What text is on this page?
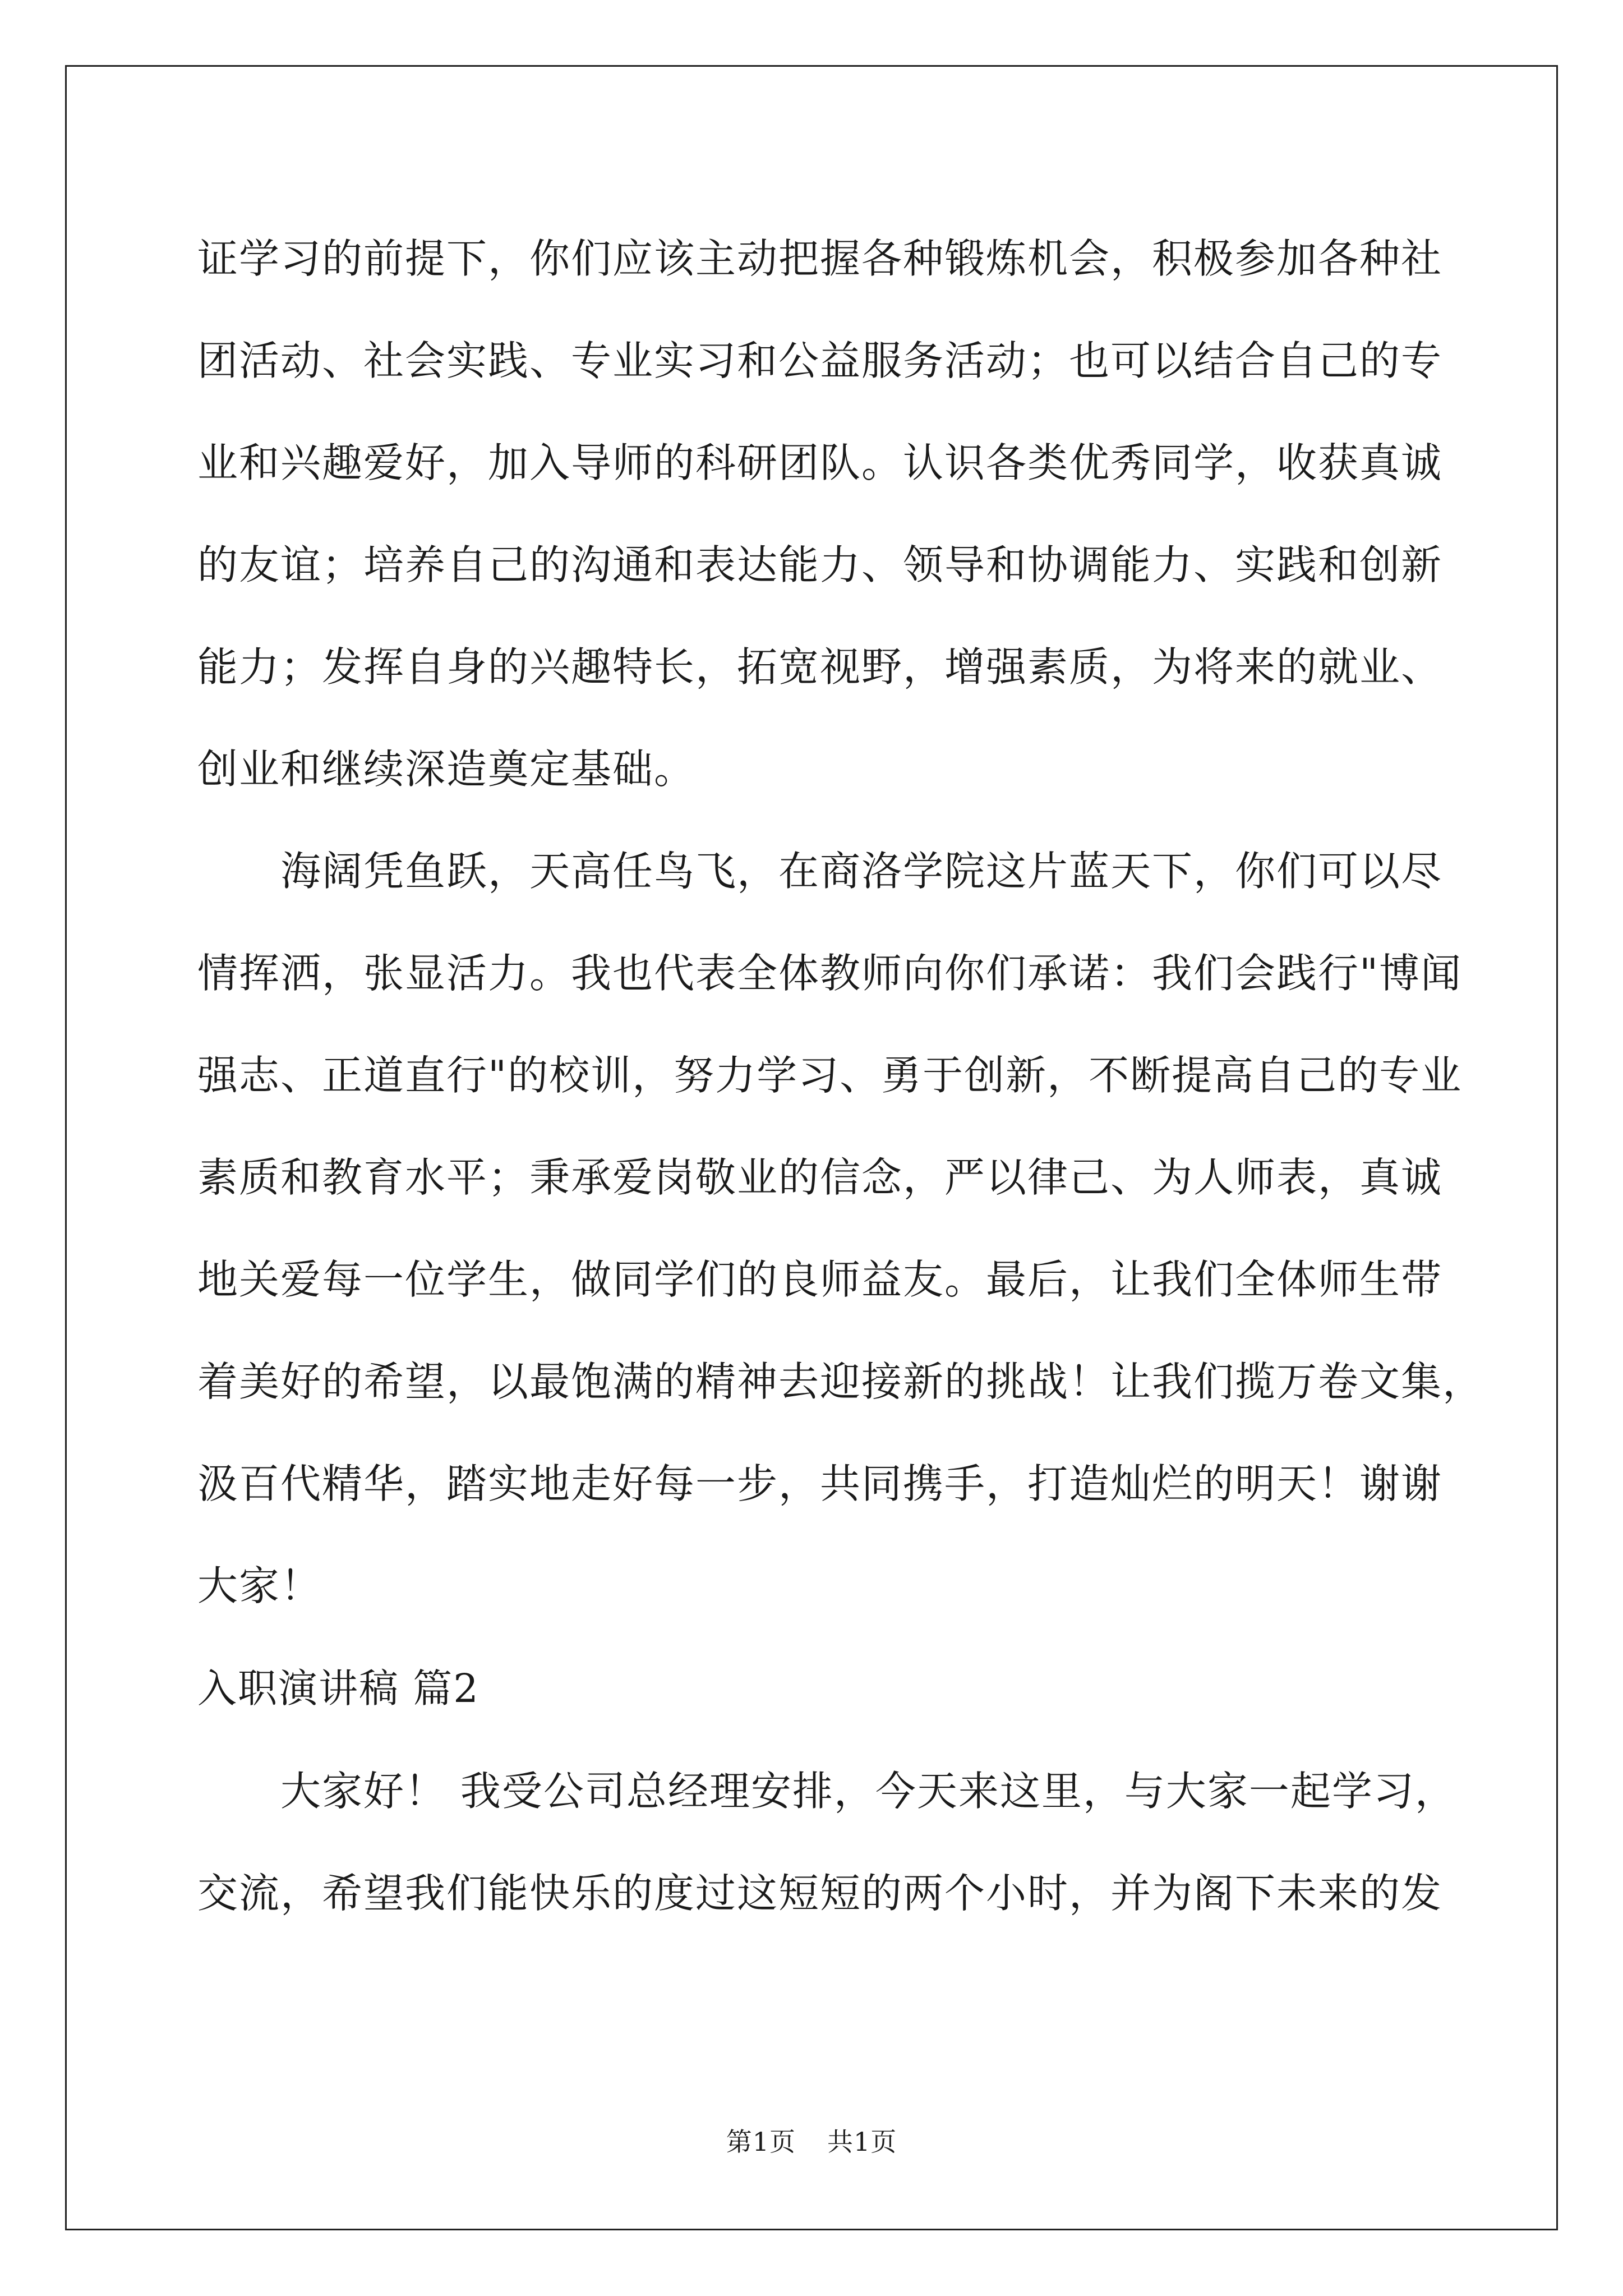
证学习的前提下，你们应该主动把握各种锻炼机会，积极参加各种社
团活动、社会实践、专业实习和公益服务活动；也可以结合自己的专
业和兴趣爱好，加入导师的科研团队。认识各类优秀同学，收获真诚
的友谊；培养自己的沟通和表达能力、领导和协调能力、实践和创新
能力；发挥自身的兴趣特长，拓宽视野，增强素质，为将来的就业、
创业和继续深造奠定基础。
海阔凭鱼跃，天高任鸟飞，在商洛学院这片蓝天下，你们可以尽
情挥洒，张显活力。我也代表全体教师向你们承诺：我们会践行"博闻
强志、正道直行"的校训，努力学习、勇于创新，不断提高自己的专业
素质和教育水平；秉承爱岗敬业的信念，严以律己、为人师表，真诚
地关爱每一位学生，做同学们的良师益友。最后，让我们全体师生带
着美好的希望，以最饱满的精神去迎接新的挑战！让我们揽万卷文集，
汲百代精华，踏实地走好每一步，共同携手，打造灿烂的明天！谢谢
大家！
入职演讲稿 篇2
大家好！ 我受公司总经理安排，今天来这里，与大家一起学习，
交流，希望我们能快乐的度过这短短的两个小时，并为阁下未来的发
第1页 共1页
